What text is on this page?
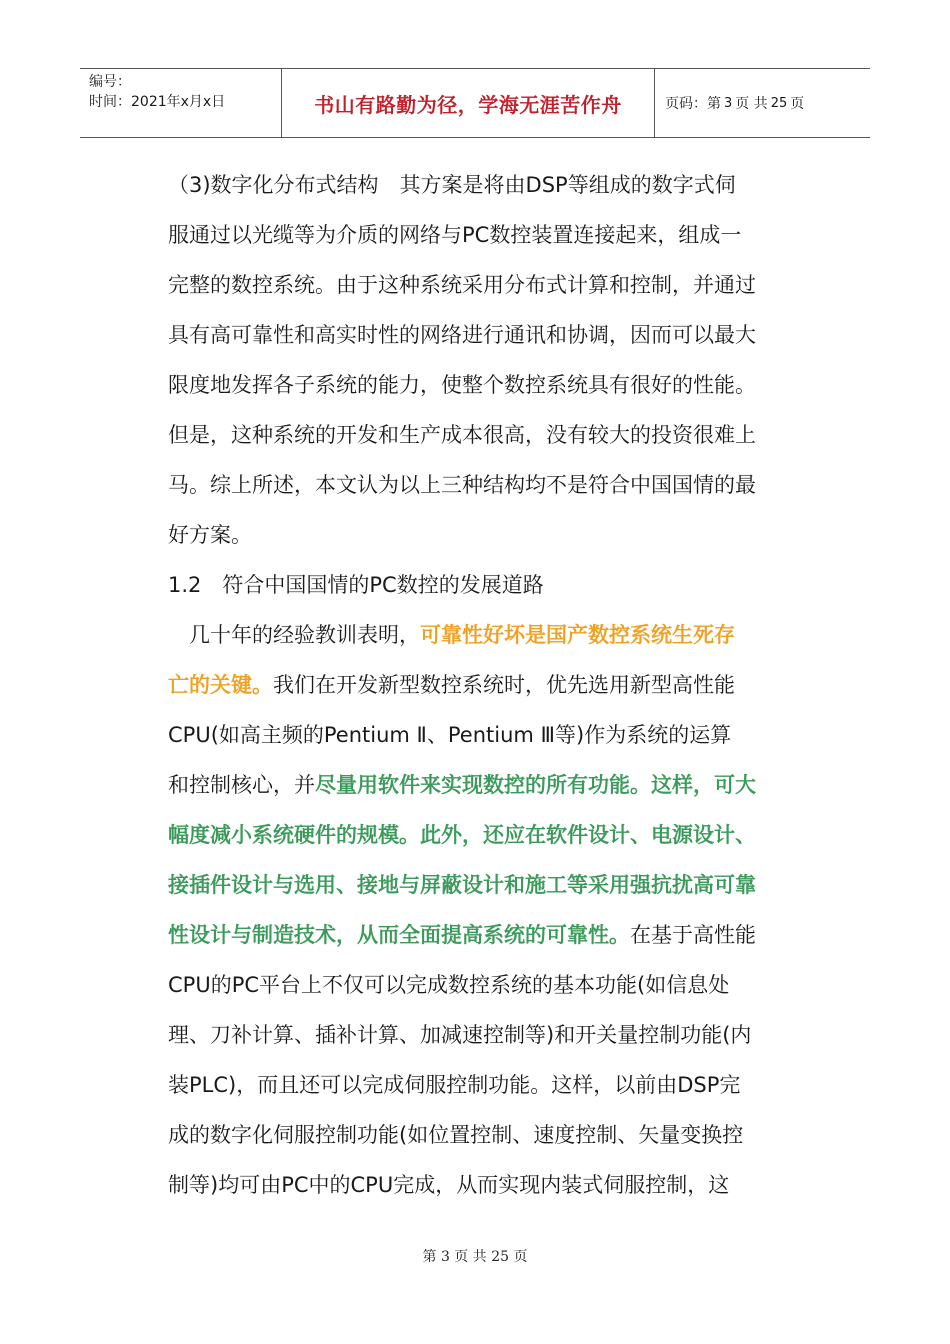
编号：
时间：2021年x月x日	书山有路勤为径，学海无涯苦作舟	页码：第 3 页 共 25 页
（3)数字化分布式结构　其方案是将由DSP等组成的数字式伺
服通过以光缆等为介质的网络与PC数控装置连接起来，组成一
完整的数控系统。由于这种系统采用分布式计算和控制，并通过
具有高可靠性和高实时性的网络进行通讯和协调，因而可以最大
限度地发挥各子系统的能力，使整个数控系统具有很好的性能。
但是，这种系统的开发和生产成本很高，没有较大的投资很难上
马。综上所述，本文认为以上三种结构均不是符合中国国情的最
好方案。
1.2　符合中国国情的PC数控的发展道路
　几十年的经验教训表明，可靠性好坏是国产数控系统生死存
亡的关键。我们在开发新型数控系统时，优先选用新型高性能
CPU(如高主频的Pentium Ⅱ、Pentium Ⅲ等)作为系统的运算
和控制核心，并尽量用软件来实现数控的所有功能。这样，可大
幅度减小系统硬件的规模。此外，还应在软件设计、电源设计、
接插件设计与选用、接地与屏蔽设计和施工等采用强抗扰高可靠
性设计与制造技术，从而全面提高系统的可靠性。在基于高性能
CPU的PC平台上不仅可以完成数控系统的基本功能(如信息处
理、刀补计算、插补计算、加减速控制等)和开关量控制功能(内
装PLC)，而且还可以完成伺服控制功能。这样，以前由DSP完
成的数字化伺服控制功能(如位置控制、速度控制、矢量变换控
制等)均可由PC中的CPU完成，从而实现内装式伺服控制，这
第 3 页 共 25 页
